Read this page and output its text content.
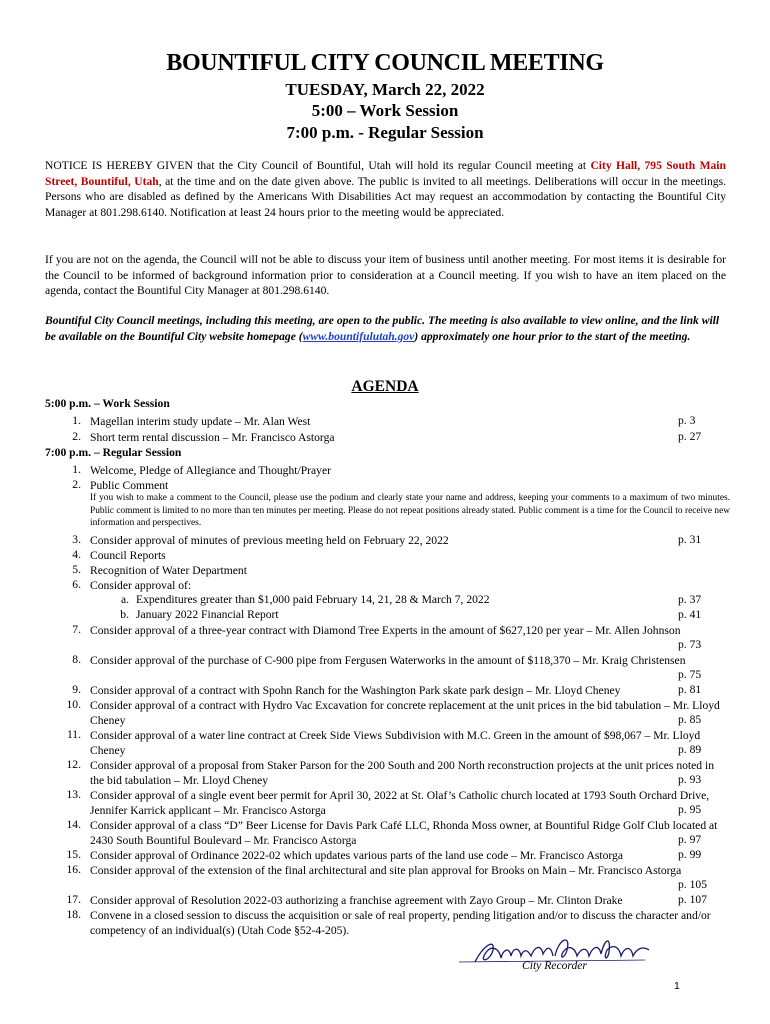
BOUNTIFUL CITY COUNCIL MEETING
TUESDAY, March 22, 2022
5:00 – Work Session
7:00 p.m. - Regular Session
NOTICE IS HEREBY GIVEN that the City Council of Bountiful, Utah will hold its regular Council meeting at City Hall, 795 South Main Street, Bountiful, Utah, at the time and on the date given above. The public is invited to all meetings. Deliberations will occur in the meetings. Persons who are disabled as defined by the Americans With Disabilities Act may request an accommodation by contacting the Bountiful City Manager at 801.298.6140. Notification at least 24 hours prior to the meeting would be appreciated.
If you are not on the agenda, the Council will not be able to discuss your item of business until another meeting. For most items it is desirable for the Council to be informed of background information prior to consideration at a Council meeting. If you wish to have an item placed on the agenda, contact the Bountiful City Manager at 801.298.6140.
Bountiful City Council meetings, including this meeting, are open to the public. The meeting is also available to view online, and the link will be available on the Bountiful City website homepage (www.bountifulutah.gov) approximately one hour prior to the start of the meeting.
AGENDA
5:00 p.m. – Work Session
1. Magellan interim study update – Mr. Alan West	p. 3
2. Short term rental discussion – Mr. Francisco Astorga	p. 27
7:00 p.m. – Regular Session
1. Welcome, Pledge of Allegiance and Thought/Prayer
2. Public Comment
If you wish to make a comment to the Council, please use the podium and clearly state your name and address, keeping your comments to a maximum of two minutes. Public comment is limited to no more than ten minutes per meeting. Please do not repeat positions already stated. Public comment is a time for the Council to receive new information and perspectives.
3. Consider approval of minutes of previous meeting held on February 22, 2022	p. 31
4. Council Reports
5. Recognition of Water Department
6. Consider approval of:
a. Expenditures greater than $1,000 paid February 14, 21, 28 & March 7, 2022	p. 37
b. January 2022 Financial Report	p. 41
7. Consider approval of a three-year contract with Diamond Tree Experts in the amount of $627,120 per year – Mr. Allen Johnson
p. 73
8. Consider approval of the purchase of C-900 pipe from Fergusen Waterworks in the amount of $118,370 – Mr. Kraig Christensen
p. 75
9. Consider approval of a contract with Spohn Ranch for the Washington Park skate park design – Mr. Lloyd Cheney	p. 81
10. Consider approval of a contract with Hydro Vac Excavation for concrete replacement at the unit prices in the bid tabulation – Mr. Lloyd Cheney	p. 85
11. Consider approval of a water line contract at Creek Side Views Subdivision with M.C. Green in the amount of $98,067 – Mr. Lloyd Cheney	p. 89
12. Consider approval of a proposal from Staker Parson for the 200 South and 200 North reconstruction projects at the unit prices noted in the bid tabulation – Mr. Lloyd Cheney	p. 93
13. Consider approval of a single event beer permit for April 30, 2022 at St. Olaf’s Catholic church located at 1793 South Orchard Drive, Jennifer Karrick applicant – Mr. Francisco Astorga	p. 95
14. Consider approval of a class “D” Beer License for Davis Park Café LLC, Rhonda Moss owner, at Bountiful Ridge Golf Club located at 2430 South Bountiful Boulevard – Mr. Francisco Astorga	p. 97
15. Consider approval of Ordinance 2022-02 which updates various parts of the land use code – Mr. Francisco Astorga	p. 99
16. Consider approval of the extension of the final architectural and site plan approval for Brooks on Main – Mr. Francisco Astorga
p. 105
17. Consider approval of Resolution 2022-03 authorizing a franchise agreement with Zayo Group – Mr. Clinton Drake	p. 107
18. Convene in a closed session to discuss the acquisition or sale of real property, pending litigation and/or to discuss the character and/or competency of an individual(s) (Utah Code §52-4-205).
City Recorder
1
